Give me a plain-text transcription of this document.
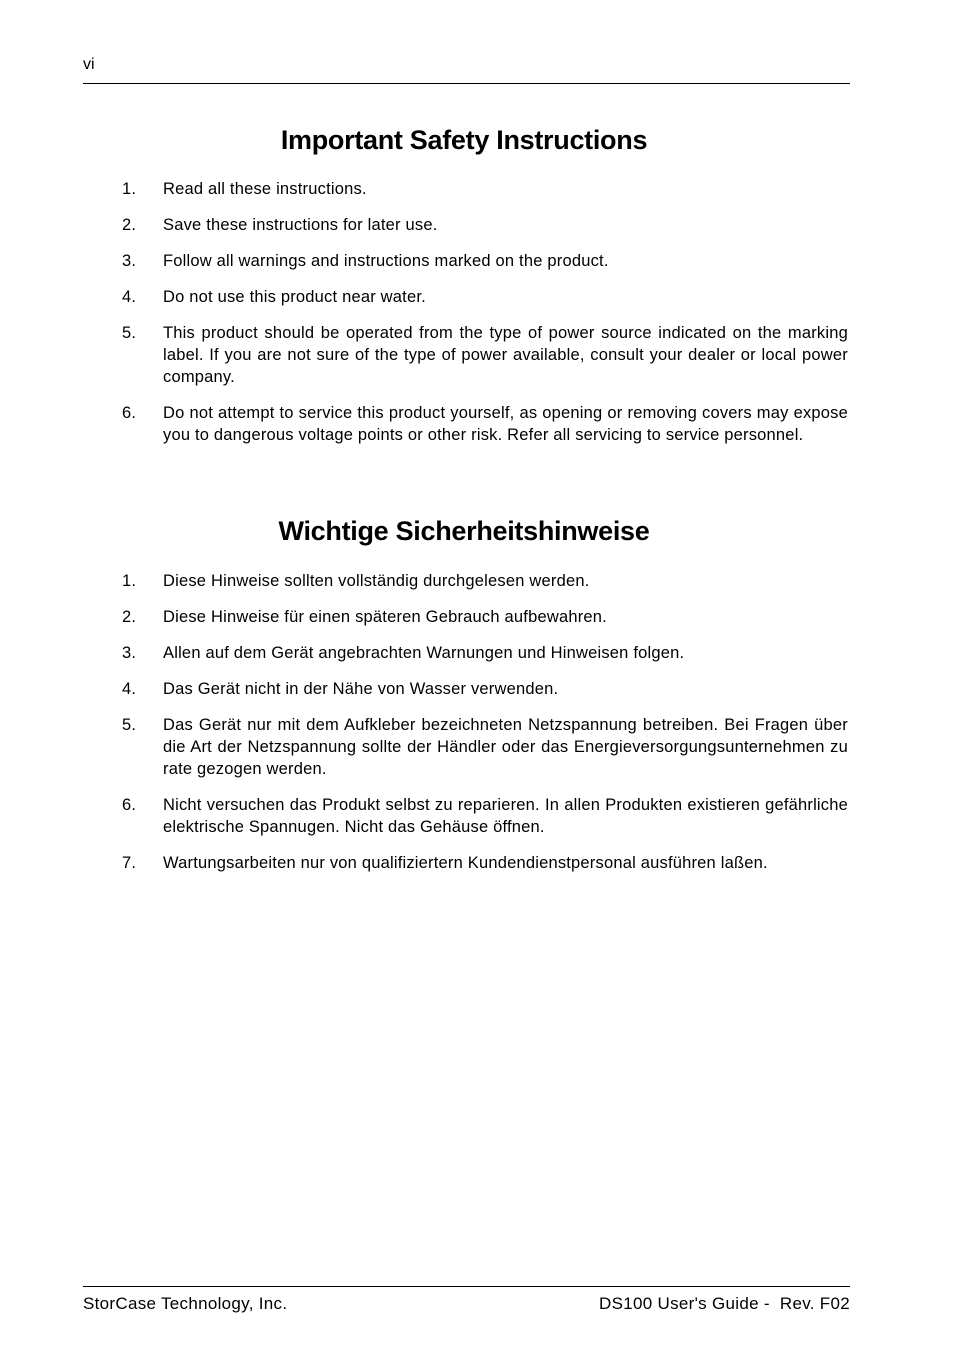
vi
Important Safety Instructions
1. Read all these instructions.
2. Save these instructions for later use.
3. Follow all warnings and instructions marked on the product.
4. Do not use this product near water.
5. This product should be operated from the type of power source indicated on the marking label. If you are not sure of the type of power available, consult your dealer or local power company.
6. Do not attempt to service this product yourself, as opening or removing covers may expose you to dangerous voltage points or other risk. Refer all servicing to service personnel.
Wichtige Sicherheitshinweise
1. Diese Hinweise sollten vollständig durchgelesen werden.
2. Diese Hinweise für einen späteren Gebrauch aufbewahren.
3. Allen auf dem Gerät angebrachten Warnungen und Hinweisen folgen.
4. Das Gerät nicht in der Nähe von Wasser verwenden.
5. Das Gerät nur mit dem Aufkleber bezeichneten Netzspannung betreiben. Bei Fragen über die Art der Netzspannung sollte der Händler oder das Energieversorgungsunternehmen zu rate gezogen werden.
6. Nicht versuchen das Produkt selbst zu reparieren. In allen Produkten existieren gefährliche elektrische Spannugen. Nicht das Gehäuse öffnen.
7. Wartungsarbeiten nur von qualifiziertern Kundendienstpersonal ausführen laßen.
StorCase Technology, Inc.	DS100 User's Guide -  Rev. F02
